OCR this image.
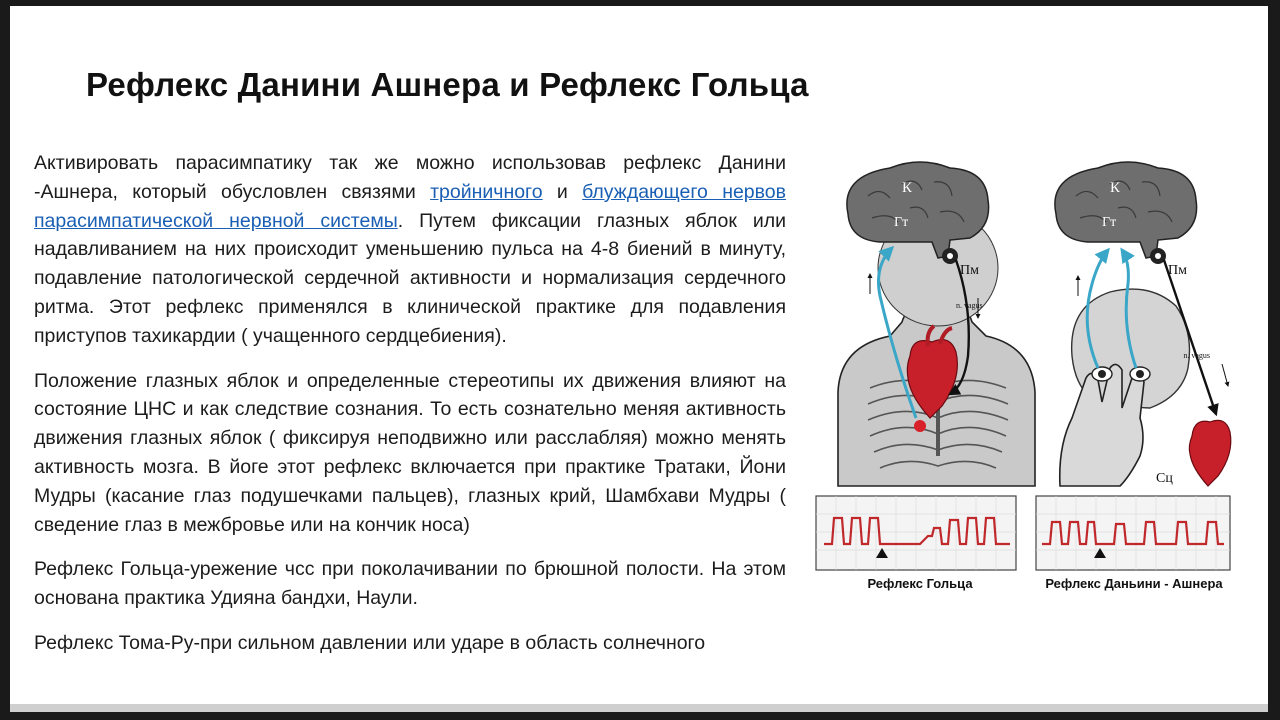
Рефлекс Данини Ашнера и Рефлекс Гольца

Активировать парасимпатику так же можно использовав рефлекс Данини -Ашнера, который обусловлен связями тройничного и блуждающего нервов парасимпатической нервной системы. Путем фиксации глазных яблок или надавливанием на них происходит уменьшению пульса на 4-8 биений в минуту, подавление патологической сердечной активности и нормализация сердечного ритма. Этот рефлекс применялся в клинической практике для подавления приступов тахикардии ( учащенного сердцебиения).

Положение глазных яблок и определенные стереотипы их движения влияют на состояние ЦНС и как следствие сознания. То есть сознательно меняя активность движения глазных яблок ( фиксируя неподвижно или расслабляя) можно менять активность мозга. В йоге этот рефлекс включается при практике Тратаки, Йони Мудры (касание глаз подушечками пальцев), глазных крий, Шамбхави Мудры ( сведение глаз в межбровье или на кончик носа)

Рефлекс Гольца-урежение чсс при поколачивании по брюшной полости. На этом основана практика Удияна бандхи, Наули.

Рефлекс Тома-Ру-при сильном давлении или ударе в область солнечного

К
Гт
Пм
n. vagus
К
Гт
Пм
n. vagus
Сц
Рефлекс Гольца	Рефлекс Даньини - Ашнера
